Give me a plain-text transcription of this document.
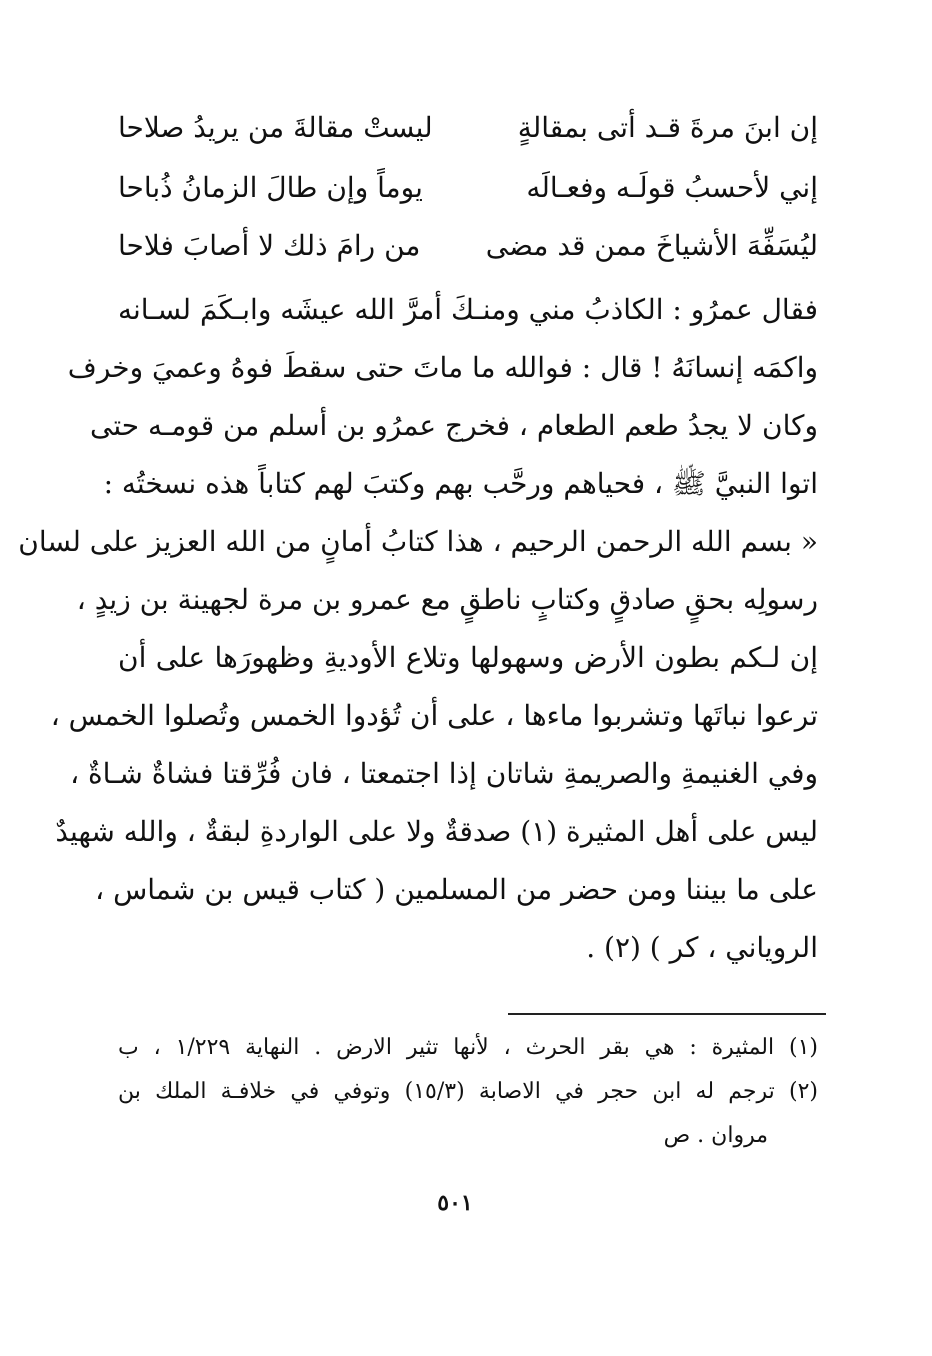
إن ابنَ مرةَ قـد أتى بمقالةٍ
ليستْ مقالةَ من يريدُ صلاحا
إني لأحسبُ قولَـه وفعـالَه
يوماً وإن طالَ الزمانُ ذُباحا
ليُسَفِّهَ الأشياخَ ممن قد مضى
من رامَ ذلك لا أصابَ فلاحا
فقال عمرُو : الكاذبُ مني ومنـكَ أمرَّ الله عيشَه وابـكَمَ لسـانه
واكمَه إنسانَهُ ! قال : فوالله ما ماتَ حتى سقطَ فوهُ وعميَ وخرف
وكان لا يجدُ طعم الطعام ، فخرج عمرُو بن أسلم من قومـه حتى
اتوا النبيَّ ﷺ ، فحياهم ورحَّب بهم وكتبَ لهم كتاباً هذه نسختُه :
« بسم الله الرحمن الرحيم ، هذا كتابُ أمانٍ من الله العزيز على لسان
رسولِه بحقٍ صادقٍ وكتابٍ ناطقٍ مع عمرو بن مرة لجهينة بن زيدٍ ،
إن لـكم بطون الأرض وسهولها وتلاع الأوديةِ وظهورَها على أن
ترعوا نباتَها وتشربوا ماءها ، على أن تُؤدوا الخمس وتُصلوا الخمس ،
وفي الغنيمةِ والصريمةِ شاتان إذا اجتمعتا ، فان فُرِّقتا فشاةٌ شـاةٌ ،
ليس على أهل المثيرة (١) صدقةٌ ولا على الواردةِ لبقةٌ ، والله شهيدٌ
على ما بيننا ومن حضر من المسلمين ( كتاب قيس بن شماس ،
الروياني ، كر ) (٢) .
(١) المثيرة : هي بقر الحرث ، لأنها تثير الارض . النهاية ١/٢٢٩ ، ب
(٢) ترجم له ابن حجر في الاصابة (١٥/٣) وتوفي في خلافـة الملك بن
مروان . ص
٥٠١
